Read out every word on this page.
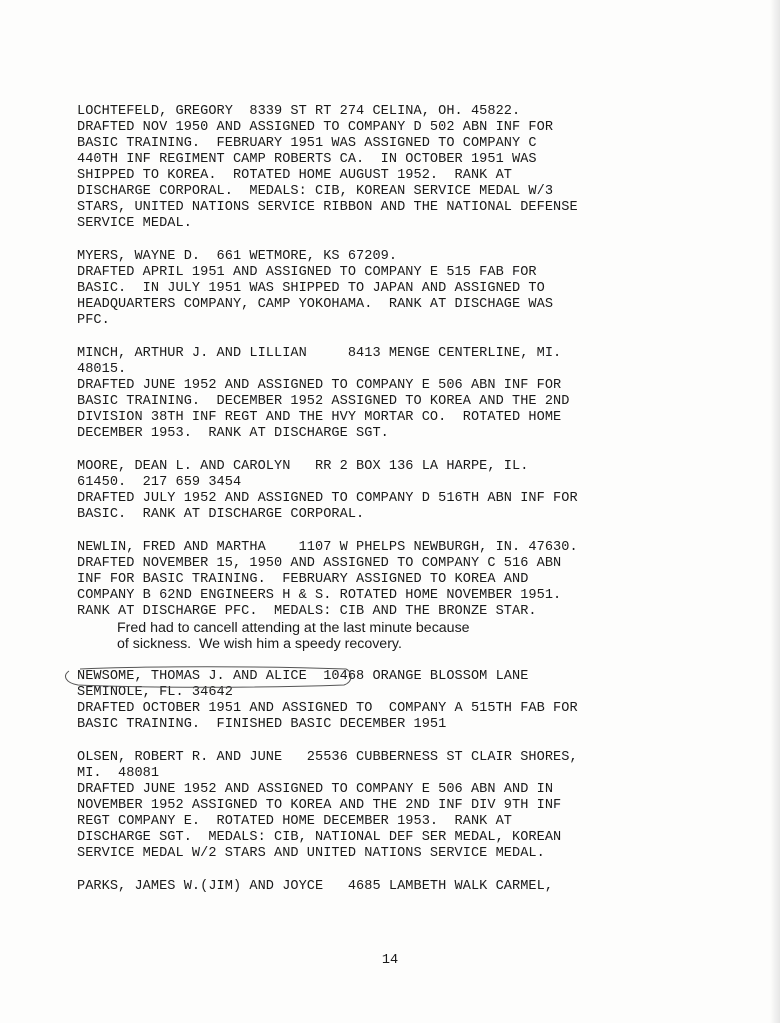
LOCHTEFELD, GREGORY  8339 ST RT 274 CELINA, OH. 45822.
DRAFTED NOV 1950 AND ASSIGNED TO COMPANY D 502 ABN INF FOR
BASIC TRAINING.  FEBRUARY 1951 WAS ASSIGNED TO COMPANY C
440TH INF REGIMENT CAMP ROBERTS CA.  IN OCTOBER 1951 WAS
SHIPPED TO KOREA.  ROTATED HOME AUGUST 1952.  RANK AT
DISCHARGE CORPORAL.  MEDALS: CIB, KOREAN SERVICE MEDAL W/3
STARS, UNITED NATIONS SERVICE RIBBON AND THE NATIONAL DEFENSE
SERVICE MEDAL.
MYERS, WAYNE D.  661 WETMORE, KS 67209.
DRAFTED APRIL 1951 AND ASSIGNED TO COMPANY E 515 FAB FOR
BASIC.  IN JULY 1951 WAS SHIPPED TO JAPAN AND ASSIGNED TO
HEADQUARTERS COMPANY, CAMP YOKOHAMA.  RANK AT DISCHAGE WAS
PFC.
MINCH, ARTHUR J. AND LILLIAN     8413 MENGE CENTERLINE, MI.
48015.
DRAFTED JUNE 1952 AND ASSIGNED TO COMPANY E 506 ABN INF FOR
BASIC TRAINING.  DECEMBER 1952 ASSIGNED TO KOREA AND THE 2ND
DIVISION 38TH INF REGT AND THE HVY MORTAR CO.  ROTATED HOME
DECEMBER 1953.  RANK AT DISCHARGE SGT.
MOORE, DEAN L. AND CAROLYN   RR 2 BOX 136 LA HARPE, IL.
61450.  217 659 3454
DRAFTED JULY 1952 AND ASSIGNED TO COMPANY D 516TH ABN INF FOR
BASIC.  RANK AT DISCHARGE CORPORAL.
NEWLIN, FRED AND MARTHA    1107 W PHELPS NEWBURGH, IN. 47630.
DRAFTED NOVEMBER 15, 1950 AND ASSIGNED TO COMPANY C 516 ABN
INF FOR BASIC TRAINING.  FEBRUARY ASSIGNED TO KOREA AND
COMPANY B 62ND ENGINEERS H & S. ROTATED HOME NOVEMBER 1951.
RANK AT DISCHARGE PFC.  MEDALS: CIB AND THE BRONZE STAR.
Fred had to cancell attending at the last minute because
of sickness.  We wish him a speedy recovery.
NEWSOME, THOMAS J. AND ALICE  10468 ORANGE BLOSSOM LANE
SEMINOLE, FL. 34642
DRAFTED OCTOBER 1951 AND ASSIGNED TO  COMPANY A 515TH FAB FOR
BASIC TRAINING.  FINISHED BASIC DECEMBER 1951
OLSEN, ROBERT R. AND JUNE   25536 CUBBERNESS ST CLAIR SHORES,
MI.  48081
DRAFTED JUNE 1952 AND ASSIGNED TO COMPANY E 506 ABN AND IN
NOVEMBER 1952 ASSIGNED TO KOREA AND THE 2ND INF DIV 9TH INF
REGT COMPANY E.  ROTATED HOME DECEMBER 1953.  RANK AT
DISCHARGE SGT.  MEDALS: CIB, NATIONAL DEF SER MEDAL, KOREAN
SERVICE MEDAL W/2 STARS AND UNITED NATIONS SERVICE MEDAL.
PARKS, JAMES W.(JIM) AND JOYCE   4685 LAMBETH WALK CARMEL,
14
